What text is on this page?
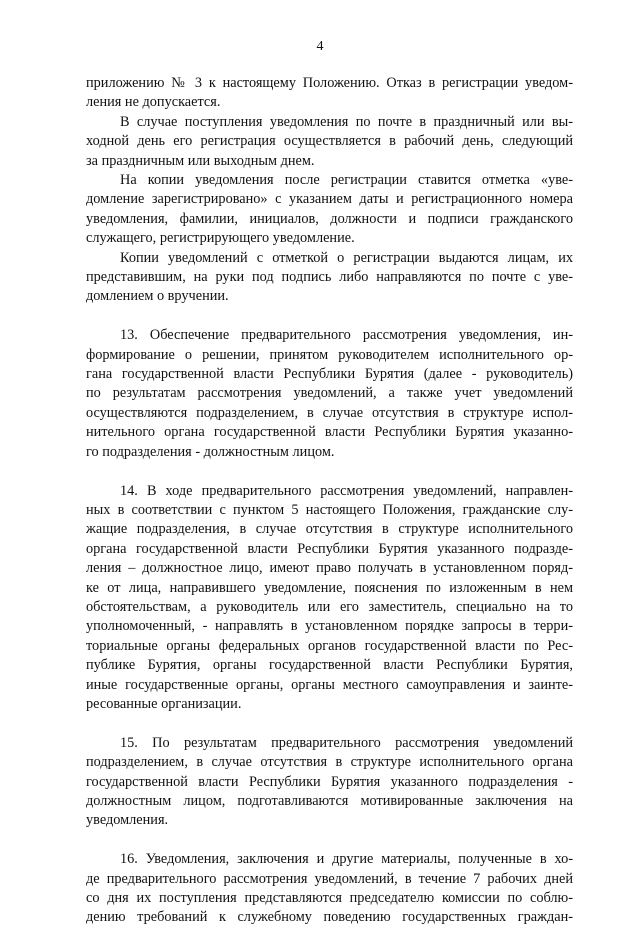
4

приложению № 3 к настоящему Положению. Отказ в регистрации уведом-
ления не допускается.

В случае поступления уведомления по почте в праздничный или вы-
ходной день его регистрация осуществляется в рабочий день, следующий
за праздничным или выходным днем.

На копии уведомления после регистрации ставится отметка «уве-
домление зарегистрировано» с указанием даты и регистрационного номера
уведомления, фамилии, инициалов, должности и подписи гражданского
служащего, регистрирующего уведомление.

Копии уведомлений с отметкой о регистрации выдаются лицам, их
представившим, на руки под подпись либо направляются по почте с уве-
домлением о вручении.

13. Обеспечение предварительного рассмотрения уведомления, ин-
формирование о решении, принятом руководителем исполнительного ор-
гана государственной власти Республики Бурятия (далее - руководитель)
по результатам рассмотрения уведомлений, а также учет уведомлений
осуществляются подразделением, в случае отсутствия в структуре испол-
нительного органа государственной власти Республики Бурятия указанно-
го подразделения - должностным лицом.

14. В ходе предварительного рассмотрения уведомлений, направлен-
ных в соответствии с пунктом 5 настоящего Положения, гражданские слу-
жащие подразделения, в случае отсутствия в структуре исполнительного
органа государственной власти Республики Бурятия указанного подразде-
ления – должностное лицо, имеют право получать в установленном поряд-
ке от лица, направившего уведомление, пояснения по изложенным в нем
обстоятельствам, а руководитель или его заместитель, специально на то
уполномоченный, - направлять в установленном порядке запросы в терри-
ториальные органы федеральных органов государственной власти по Рес-
публике Бурятия, органы государственной власти Республики Бурятия,
иные государственные органы, органы местного самоуправления и заинте-
ресованные организации.

15. По результатам предварительного рассмотрения уведомлений
подразделением, в случае отсутствия в структуре исполнительного органа
государственной власти Республики Бурятия указанного подразделения -
должностным лицом, подготавливаются мотивированные заключения на
уведомления.

16. Уведомления, заключения и другие материалы, полученные в хо-
де предварительного рассмотрения уведомлений, в течение 7 рабочих дней
со дня их поступления представляются председателю комиссии по соблю-
дению требований к служебному поведению государственных граждан-
